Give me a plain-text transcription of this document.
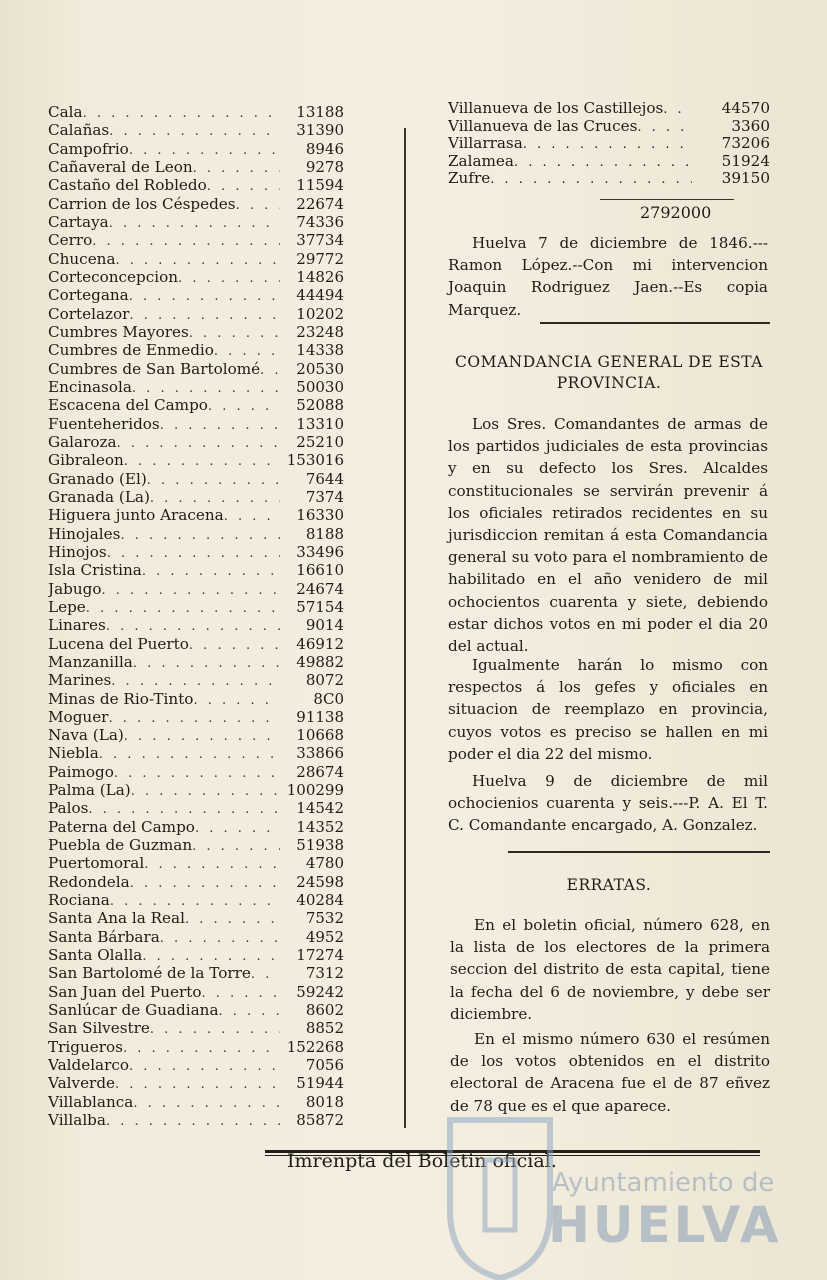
Cala . . .	13188
Calañas . . .	31390
Campofrio . . .	8946
Cañaveral de Leon . . .	9278
Castaño del Robledo . . .	11594
Carrion de los Céspedes . . .	22674
Cartaya . . .	74336
Cerro . . .	37734
Chucena . . .	29772
Corteconcepcion . . .	14826
Cortegana . . .	44494
Cortelazor . . .	10202
Cumbres Mayores . . .	23248
Cumbres de Enmedio . . .	14338
Cumbres de San Bartolomé . . .	20530
Encinasola . . .	50030
Escacena del Campo . . .	52088
Fuenteheridos . . .	13310
Galaroza . . .	25210
Gibraleon . . .	153016
Granado (El) . . .	7644
Granada (La) . . .	7374
Higuera junto Aracena . . .	16330
Hinojales . . .	8188
Hinojos . . .	33496
Isla Cristina . . .	16610
Jabugo . . .	24674
Lepe . . .	57154
Linares . . .	9014
Lucena del Puerto . . .	46912
Manzanilla . . .	49882
Marines . . .	8072
Minas de Rio-Tinto . . .	8C0
Moguer . . .	91138
Nava (La) . . .	10668
Niebla . . .	33866
Paimogo . . .	28674
Palma (La) . . .	100299
Palos . . .	14542
Paterna del Campo . . .	14352
Puebla de Guzman . . .	51938
Puertomoral . . .	4780
Redondela . . .	24598
Rociana . . .	40284
Santa Ana la Real . . .	7532
Santa Bárbara . . .	4952
Santa Olalla . . .	17274
San Bartolomé de la Torre . . .	7312
San Juan del Puerto . . .	59242
Sanlúcar de Guadiana . . .	8602
San Silvestre . . .	8852
Trigueros . . .	152268
Valdelarco . . .	7056
Valverde . . .	51944
Villablanca . . .	8018
Villalba . . .	85872
Villanueva de los Castillejos . . .	44570
Villanueva de las Cruces . . .	3360
Villarrasa . . .	73206
Zalamea . . .	51924
Zufre . . .	39150
2792000
Huelva 7 de diciembre de 1846.---Ramon López.--Con mi intervencion Joaquin Rodriguez Jaen.--Es copia Marquez.
COMANDANCIA GENERAL DE ESTA
PROVINCIA.
Los Sres. Comandantes de armas de los partidos judiciales de esta provincias y en su defecto los Sres. Alcaldes constitucionales se servirán prevenir á los oficiales retirados recidentes en su jurisdiccion remitan á esta Comandancia general su voto para el nombramiento de habilitado en el año venidero de mil ochocientos cuarenta y siete, debiendo estar dichos votos en mi poder el dia 20 del actual.
Igualmente harán lo mismo con respectos á los gefes y oficiales en situacion de reemplazo en provincia, cuyos votos es preciso se hallen en mi poder el dia 22 del mismo.
Huelva 9 de diciembre de mil ochocienios cuarenta y seis.---P. A. El T. C. Comandante encargado, A. Gonzalez.
ERRATAS.
En el boletin oficial, número 628, en la lista de los electores de la primera seccion del distrito de esta capital, tiene la fecha del 6 de noviembre, y debe ser diciembre.
En el mismo número 630 el resúmen de los votos obtenidos en el distrito electoral de Aracena fue el de 87 eñvez de 78 que es el que aparece.
Imrenpta del Boletin oficial.
Ayuntamiento de
HUELVA
